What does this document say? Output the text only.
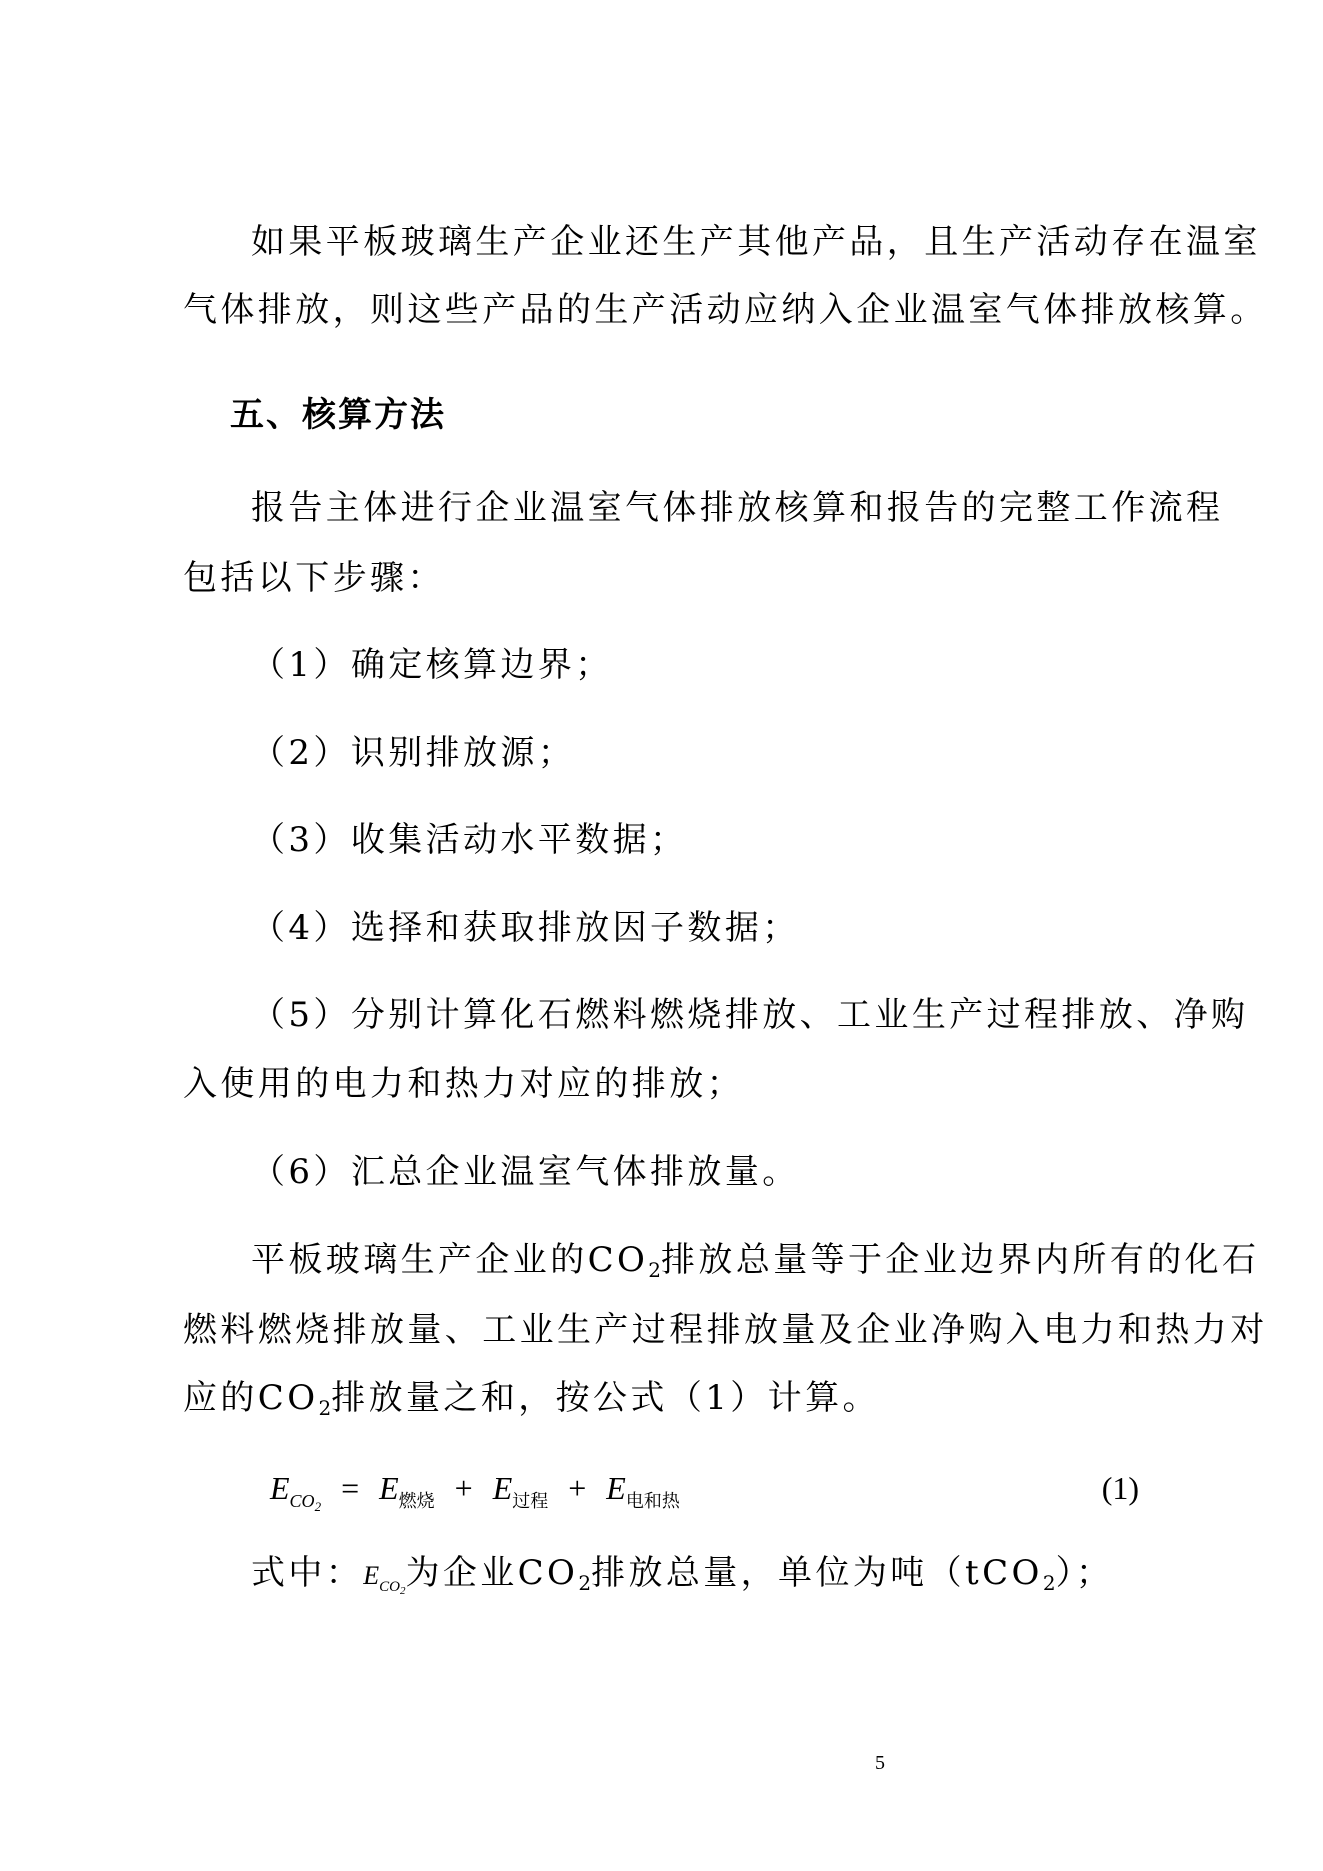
如果平板玻璃生产企业还生产其他产品，且生产活动存在温室
气体排放，则这些产品的生产活动应纳入企业温室气体排放核算。
五、核算方法
报告主体进行企业温室气体排放核算和报告的完整工作流程
包括以下步骤：
（1）确定核算边界；
（2）识别排放源；
（3）收集活动水平数据；
（4）选择和获取排放因子数据；
（5）分别计算化石燃料燃烧排放、工业生产过程排放、净购
入使用的电力和热力对应的排放；
（6）汇总企业温室气体排放量。
平板玻璃生产企业的$CO_2$排放总量等于企业边界内所有的化石
燃料燃烧排放量、工业生产过程排放量及企业净购入电力和热力对
应的$CO_2$排放量之和，按公式（1）计算。
$E_{CO_2} = E_{燃烧} + E_{过程} + E_{电和热}$	(1)
式中：$E_{CO_2}$为企业$CO_2$排放总量，单位为吨（tCO$_2$）；
5
